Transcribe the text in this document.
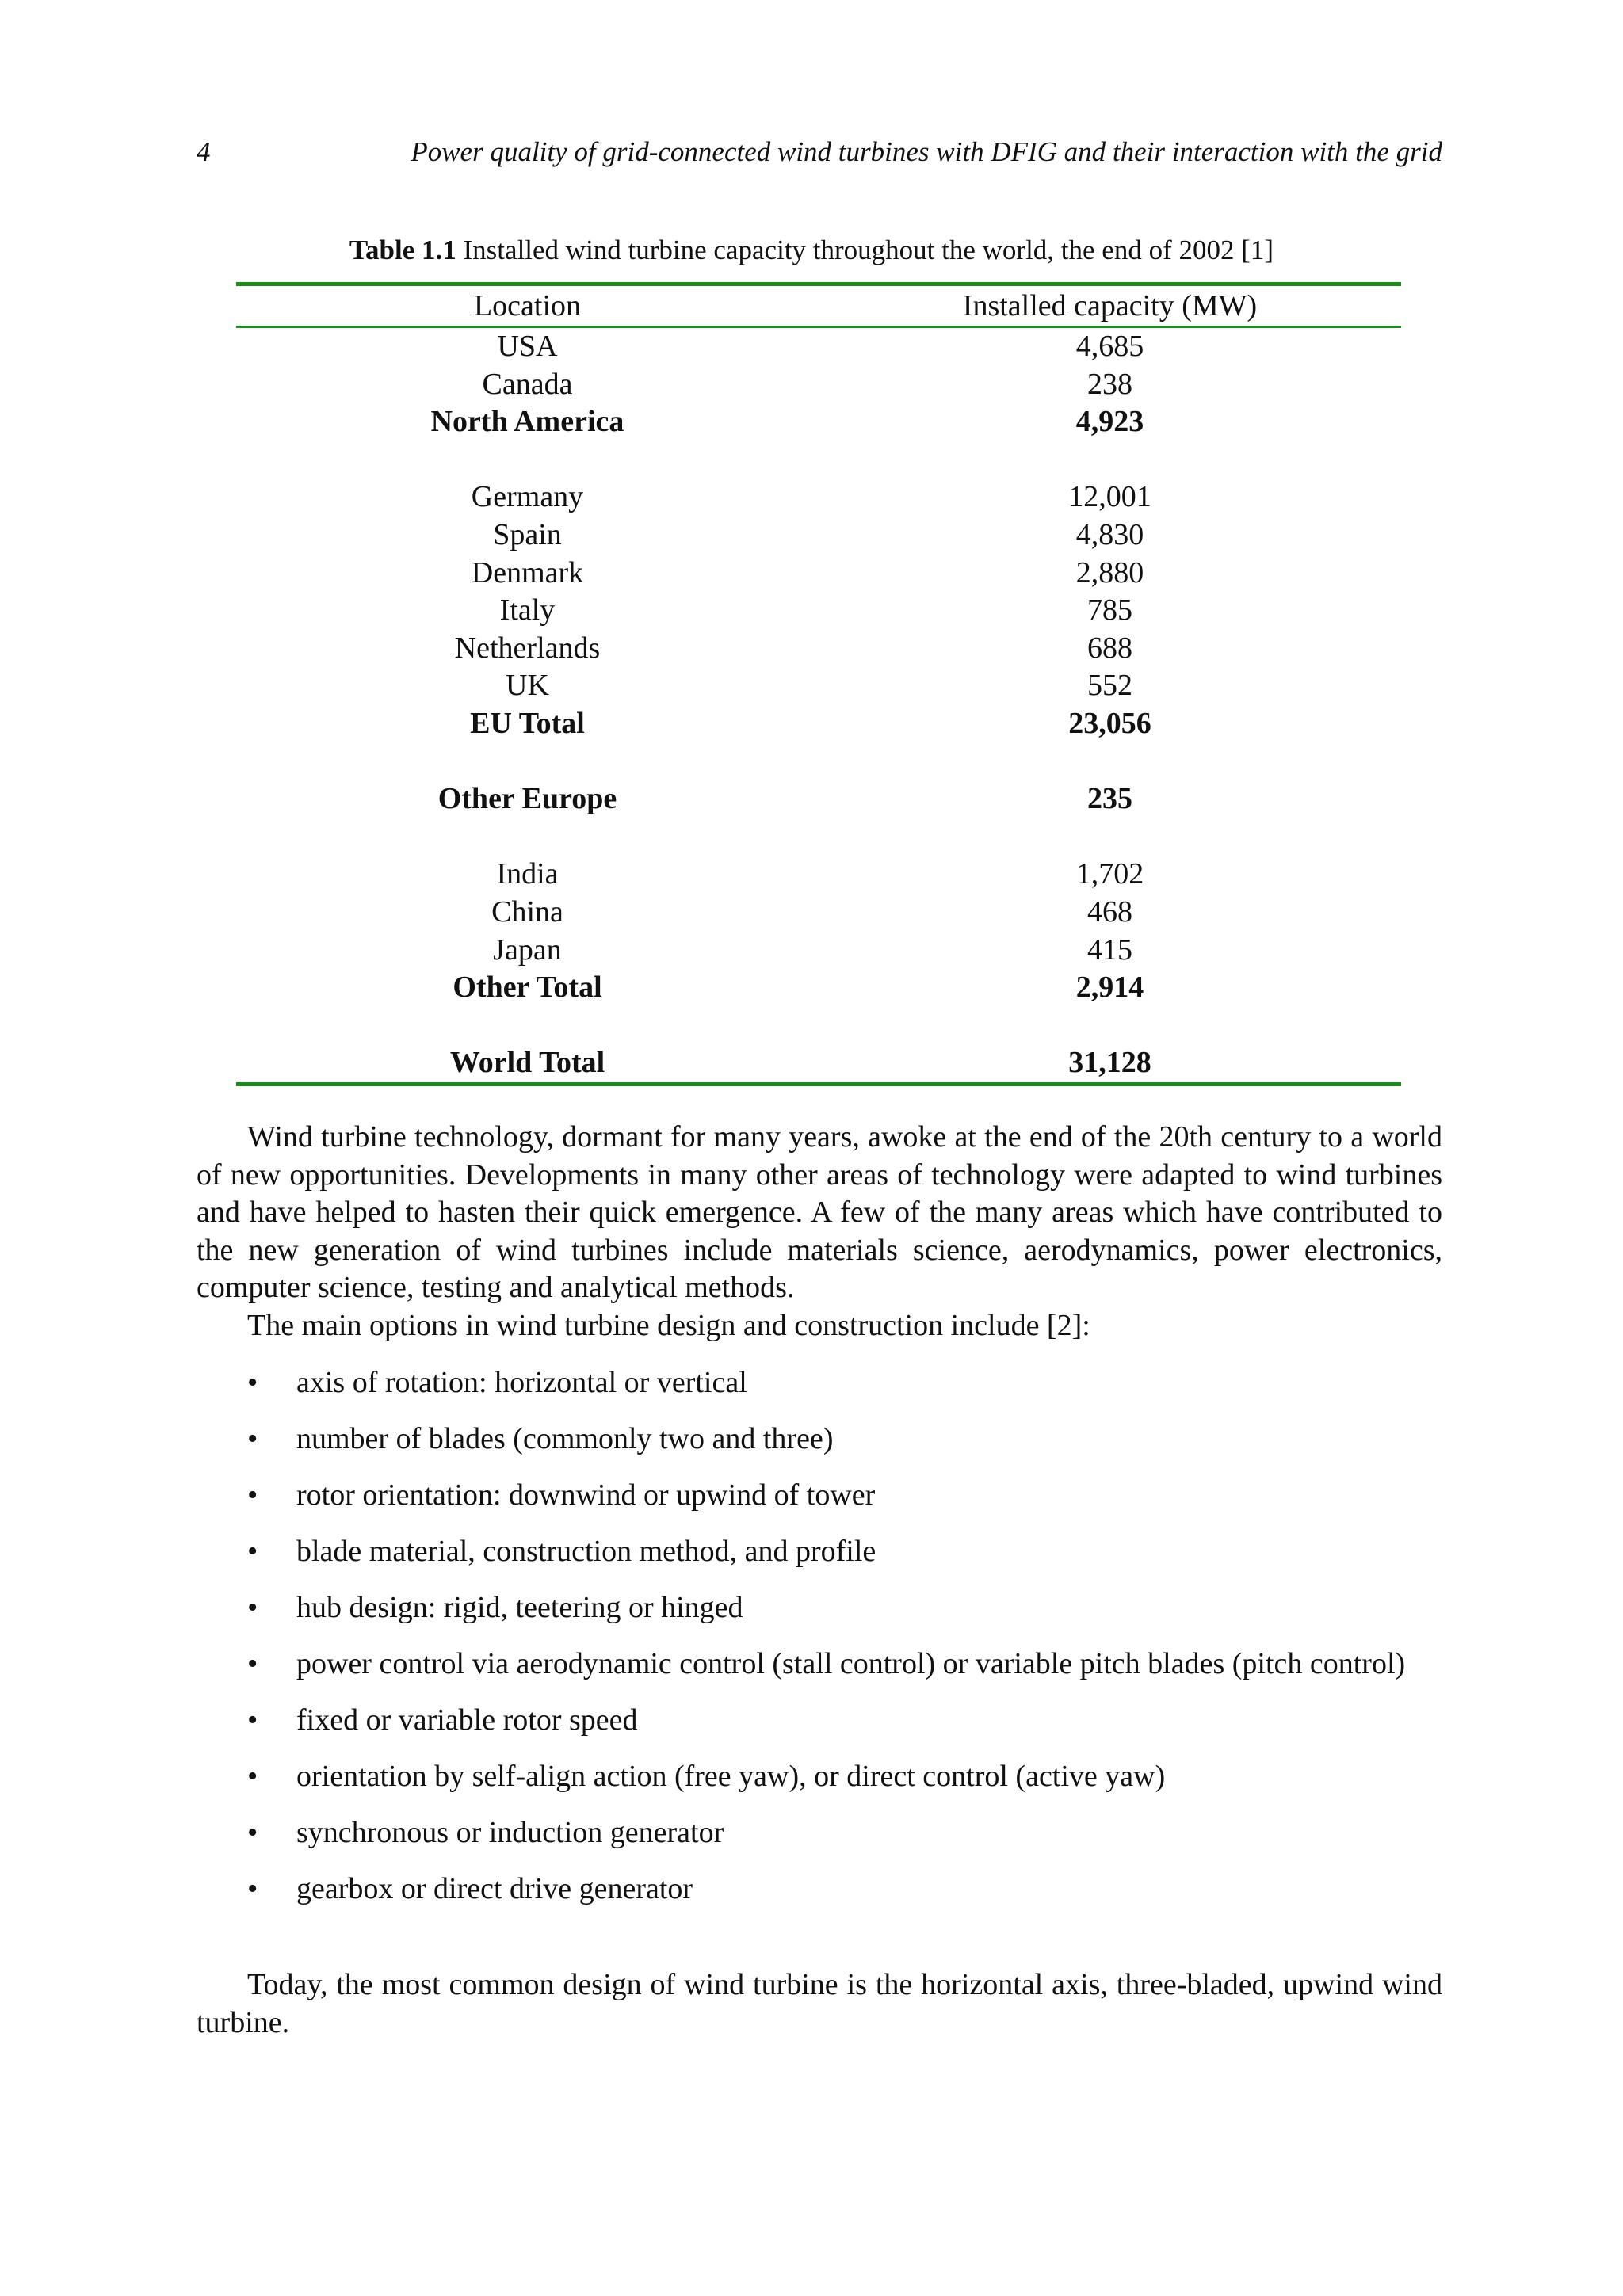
4	Power quality of grid-connected wind turbines with DFIG and their interaction with the grid
Table 1.1 Installed wind turbine capacity throughout the world, the end of 2002 [1]
Location	Installed capacity (MW)
USA	4,685
Canada	238
North America	4,923

Germany	12,001
Spain	4,830
Denmark	2,880
Italy	785
Netherlands	688
UK	552
EU Total	23,056

Other Europe	235

India	1,702
China	468
Japan	415
Other Total	2,914

World Total	31,128

Wind turbine technology, dormant for many years, awoke at the end of the 20th century to a world of new opportunities. Developments in many other areas of technology were adapted to wind turbines and have helped to hasten their quick emergence. A few of the many areas which have contributed to the new generation of wind turbines include materials science, aerodynamics, power electronics, computer science, testing and analytical methods.

The main options in wind turbine design and construction include [2]:

• axis of rotation: horizontal or vertical
• number of blades (commonly two and three)
• rotor orientation: downwind or upwind of tower
• blade material, construction method, and profile
• hub design: rigid, teetering or hinged
• power control via aerodynamic control (stall control) or variable pitch blades (pitch control)
• fixed or variable rotor speed
• orientation by self-align action (free yaw), or direct control (active yaw)
• synchronous or induction generator
• gearbox or direct drive generator

Today, the most common design of wind turbine is the horizontal axis, three-bladed, upwind wind turbine.
